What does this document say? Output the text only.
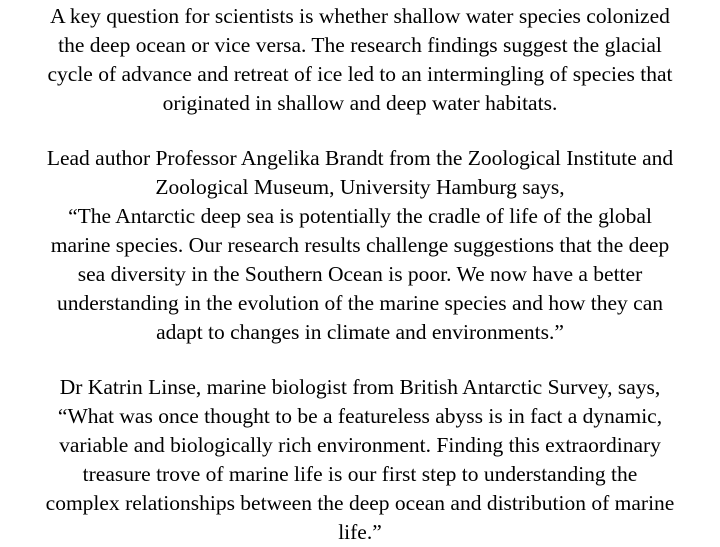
A key question for scientists is whether shallow water species colonized
the deep ocean or vice versa. The research findings suggest the glacial
cycle of advance and retreat of ice led to an intermingling of species that
originated in shallow and deep water habitats.

Lead author Professor Angelika Brandt from the Zoological Institute and
Zoological Museum, University Hamburg says,
“The Antarctic deep sea is potentially the cradle of life of the global
marine species. Our research results challenge suggestions that the deep
sea diversity in the Southern Ocean is poor. We now have a better
understanding in the evolution of the marine species and how they can
adapt to changes in climate and environments.”

Dr Katrin Linse, marine biologist from British Antarctic Survey, says,
“What was once thought to be a featureless abyss is in fact a dynamic,
variable and biologically rich environment. Finding this extraordinary
treasure trove of marine life is our first step to understanding the
complex relationships between the deep ocean and distribution of marine
life.”
